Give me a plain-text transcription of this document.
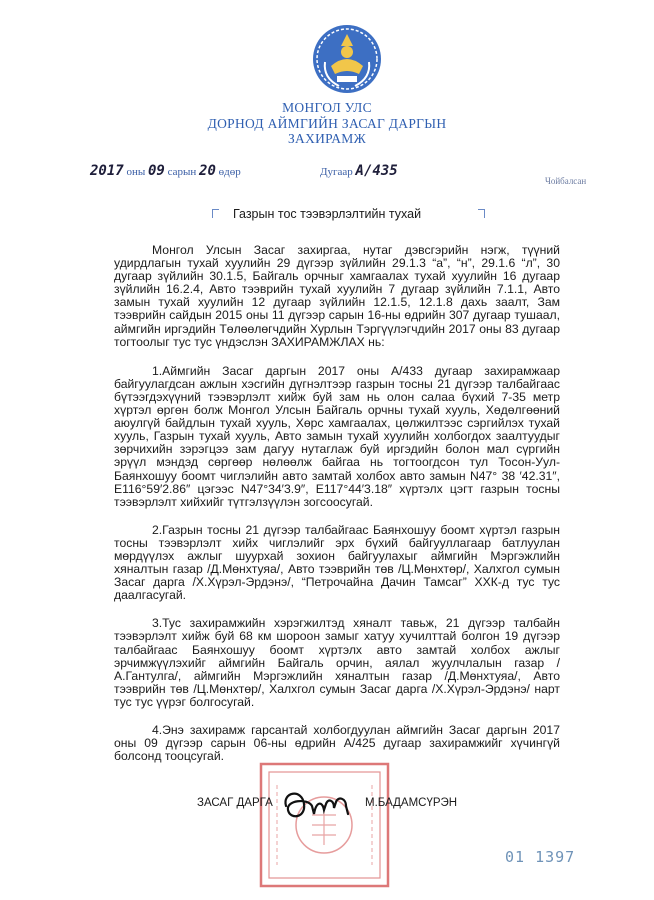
МОНГОЛ УЛС
ДОРНОД АЙМГИЙН ЗАСАГ ДАРГЫН
ЗАХИРАМЖ
2017 оны 09 сарын 20 өдөр	Дугаар А/435
Чойбалсан
Газрын тос тээвэрлэлтийн тухай

Монгол Улсын Засаг захиргаа, нутаг дэвсгэрийн нэгж, түүний удирдлагын тухай хуулийн 29 дүгээр зүйлийн 29.1.3 “а”, “н”, 29.1.6 “л”, 30 дугаар зүйлийн 30.1.5, Байгаль орчныг хамгаалах тухай хуулийн 16 дугаар зүйлийн 16.2.4, Авто тээврийн тухай хуулийн 7 дугаар зүйлийн 7.1.1, Авто замын тухай хуулийн 12 дугаар зүйлийн 12.1.5, 12.1.8 дахь заалт, Зам тээврийн сайдын 2015 оны 11 дүгээр сарын 16-ны өдрийн 307 дугаар тушаал, аймгийн иргэдийн Төлөөлөгчдийн Хурлын Тэргүүлэгчдийн 2017 оны 83 дугаар тогтоолыг тус тус үндэслэн ЗАХИРАМЖЛАХ нь:

1.Аймгийн Засаг даргын 2017 оны А/433 дугаар захирамжаар байгуулагдсан ажлын хэсгийн дүгнэлтээр газрын тосны 21 дүгээр талбайгаас бүтээгдэхүүний тээвэрлэлт хийж буй зам нь олон салаа бүхий 7-35 метр хүртэл өргөн болж Монгол Улсын Байгаль орчны тухай хууль, Хөдөлгөөний аюулгүй байдлын тухай хууль, Хөрс хамгаалах, цөлжилтээс сэргийлэх тухай хууль, Газрын тухай хууль, Авто замын тухай хуулийн холбогдох заалтуудыг зөрчихийн зэрэгцээ зам дагуу нутаглаж буй иргэдийн болон мал сүргийн эрүүл мэндэд сөргөөр нөлөөлж байгаа нь тогтоогдсон тул Тосон-Уул-Баянхошуу боомт чиглэлийн авто замтай холбох авто замын N47° 38 ′42.31″, E116°59′2.86″ цэгээс N47°34′3.9″, E117°44′3.18″ хүртэлх цэгт газрын тосны тээвэрлэлт хийхийг түтгэлзүүлэн зогсоосугай.

2.Газрын тосны 21 дүгээр талбайгаас Баянхошуу боомт хүртэл газрын тосны тээвэрлэлт хийх чиглэлийг эрх бүхий байгууллагаар батлуулан мөрдүүлэх ажлыг шуурхай зохион байгуулахыг аймгийн Мэргэжлийн хяналтын газар /Д.Мөнхтуяа/, Авто тээврийн төв /Ц.Мөнхтөр/, Халхгол сумын Засаг дарга /Х.Хүрэл-Эрдэнэ/, “Петрочайна Дачин Тамсаг” ХХК-д тус тус даалгасугай.

3.Тус захирамжийн хэрэгжилтэд хяналт тавьж, 21 дүгээр талбайн тээвэрлэлт хийж буй 68 км шороон замыг хатуу хучилттай болгон 19 дүгээр талбайгаас Баянхошуу боомт хүртэлх авто замтай холбох ажлыг эрчимжүүлэхийг аймгийн Байгаль орчин, аялал жуулчлалын газар /А.Гантулга/, аймгийн Мэргэжлийн хяналтын газар /Д.Мөнхтуяа/, Авто тээврийн төв /Ц.Мөнхтөр/, Халхгол сумын Засаг дарга /Х.Хүрэл-Эрдэнэ/ нарт тус тус үүрэг болгосугай.

4.Энэ захирамж гарсантай холбогдуулан аймгийн Засаг даргын 2017 оны 09 дүгээр сарын 06-ны өдрийн А/425 дугаар захирамжийг хүчингүй болсонд тооцсугай.

ЗАСАГ ДАРГА	М.БАДАМСҮРЭН
01 1397
